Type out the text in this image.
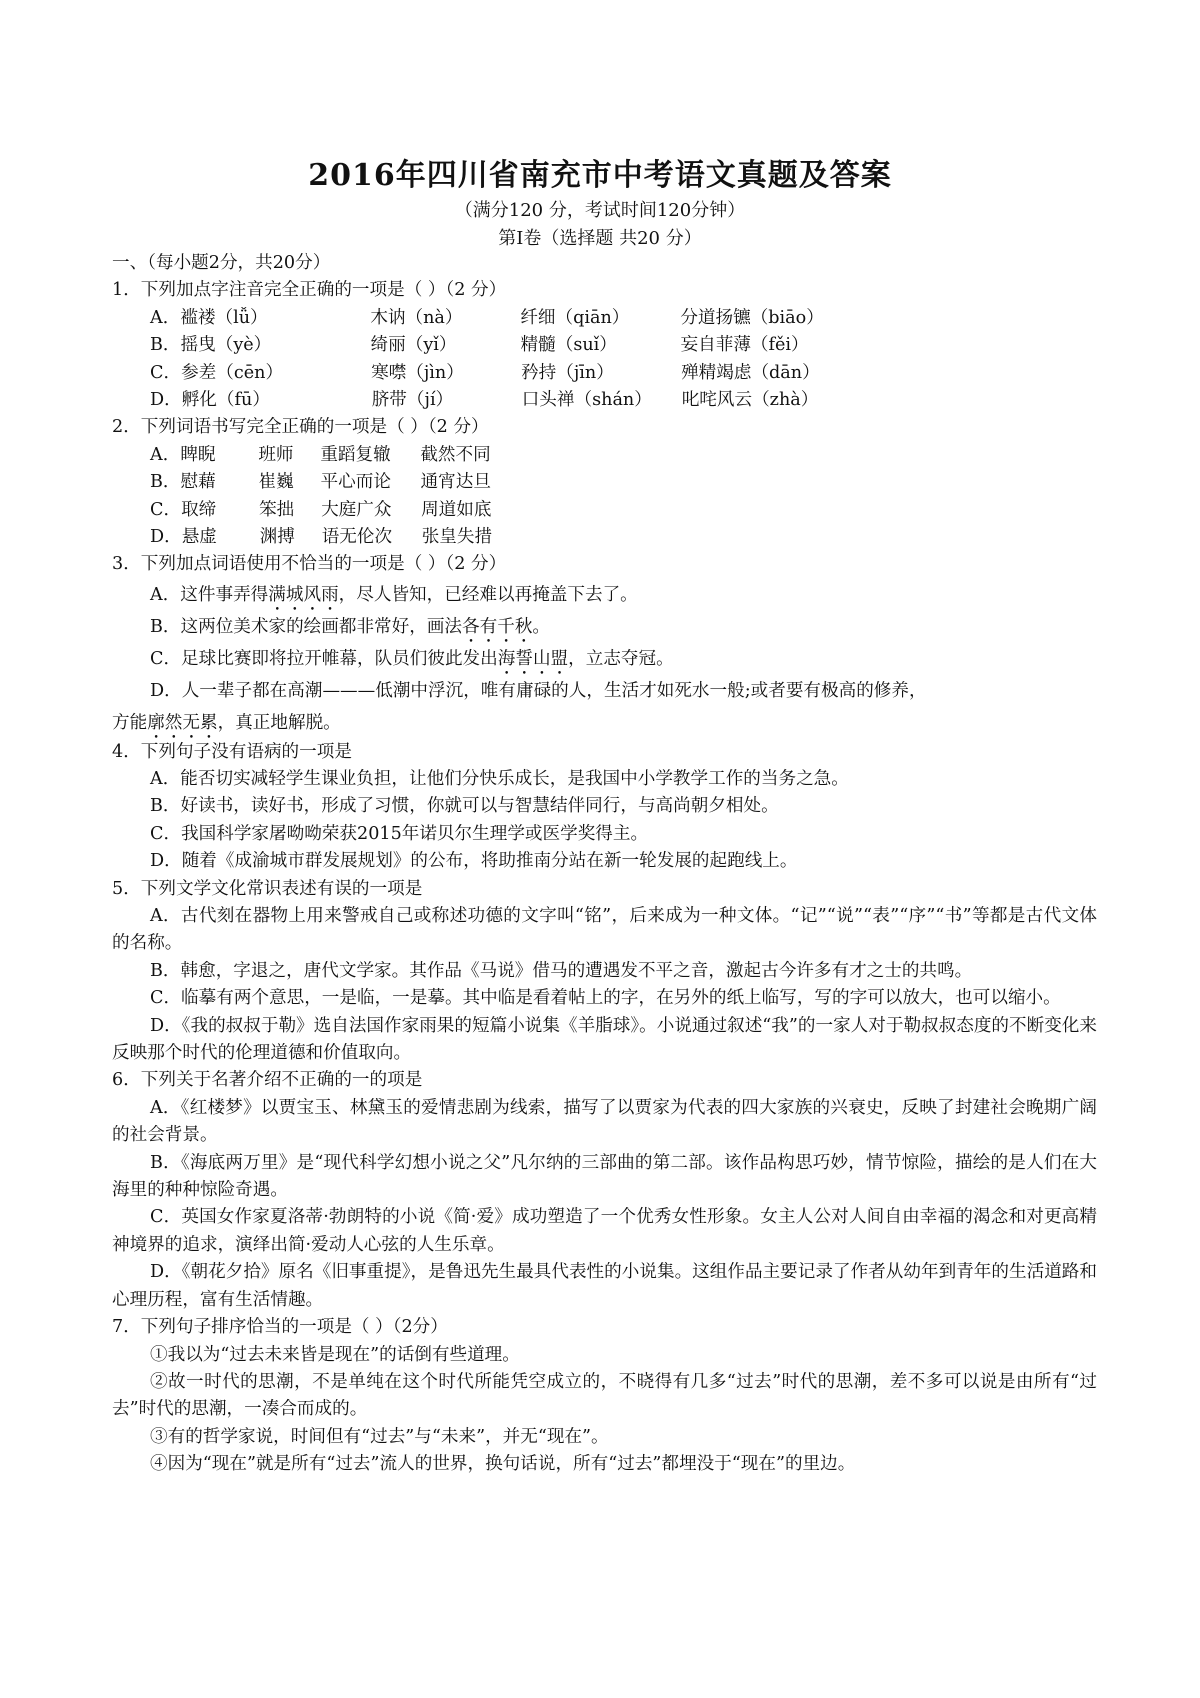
2016年四川省南充市中考语文真题及答案
（满分120 分，考试时间120分钟）
第Ⅰ卷（选择题 共20 分）
一、（每小题2分，共20分）
1．下列加点字注音完全正确的一项是（ ）（2 分）
A． 褴褛（lǚ）	木讷（nà）	纤细（qiān）	分道扬镳（biāo）
B． 摇曳（yè）	绮丽（yǐ）	精髓（suǐ）	妄自菲薄（fěi）
C． 参差（cēn）	寒噤（jìn）	矜持（jīn）	殚精竭虑（dān）
D． 孵化（fū）	脐带（jí）	口头禅（shán）	叱咤风云（zhà）
2．下列词语书写完全正确的一项是（ ）（2 分）
A． 睥睨	班师	重蹈复辙	截然不同
B． 慰藉	崔巍	平心而论	通宵达旦
C． 取缔	笨拙	大庭广众	周道如底
D． 悬虚	渊搏	语无伦次	张皇失措
3．下列加点词语使用不恰当的一项是（ ）（2 分）
A．这件事弄得满城风雨，尽人皆知，已经难以再掩盖下去了。
B．这两位美术家的绘画都非常好，画法各有千秋。
C．足球比赛即将拉开帷幕，队员们彼此发出海誓山盟，立志夺冠。
D．人一辈子都在高潮———低潮中浮沉，唯有庸碌的人，生活才如死水一般;或者要有极高的修养，
方能廓然无累，真正地解脱。
4．下列句子没有语病的一项是
A．能否切实减轻学生课业负担，让他们分快乐成长，是我国中小学教学工作的当务之急。
B．好读书，读好书，形成了习惯，你就可以与智慧结伴同行，与高尚朝夕相处。
C．我国科学家屠呦呦荣获2015年诺贝尔生理学或医学奖得主。
D．随着《成渝城市群发展规划》的公布，将助推南分站在新一轮发展的起跑线上。
5．下列文学文化常识表述有误的一项是
A．古代刻在器物上用来警戒自己或称述功德的文字叫“铭”，后来成为一种文体。“记”“说”“表”“序”“书”等都是古代文体的名称。
B．韩愈，字退之，唐代文学家。其作品《马说》借马的遭遇发不平之音，激起古今许多有才之士的共鸣。
C．临摹有两个意思，一是临，一是摹。其中临是看着帖上的字，在另外的纸上临写，写的字可以放大，也可以缩小。
D．《我的叔叔于勒》选自法国作家雨果的短篇小说集《羊脂球》。小说通过叙述“我”的一家人对于勒叔叔态度的不断变化来反映那个时代的伦理道德和价值取向。
6．下列关于名著介绍不正确的一的项是
A．《红楼梦》以贾宝玉、林黛玉的爱情悲剧为线索，描写了以贾家为代表的四大家族的兴衰史，反映了封建社会晚期广阔的社会背景。
B．《海底两万里》是“现代科学幻想小说之父”凡尔纳的三部曲的第二部。该作品构思巧妙，情节惊险，描绘的是人们在大海里的种种惊险奇遇。
C．英国女作家夏洛蒂·勃朗特的小说《简·爱》成功塑造了一个优秀女性形象。女主人公对人间自由幸福的渴念和对更高精神境界的追求，演绎出简·爱动人心弦的人生乐章。
D．《朝花夕拾》原名《旧事重提》，是鲁迅先生最具代表性的小说集。这组作品主要记录了作者从幼年到青年的生活道路和心理历程，富有生活情趣。
7．下列句子排序恰当的一项是（ ）（2分）
①我以为“过去未来皆是现在”的话倒有些道理。
②故一时代的思潮，不是单纯在这个时代所能凭空成立的，不晓得有几多“过去”时代的思潮，差不多可以说是由所有“过去”时代的思潮，一凑合而成的。
③有的哲学家说，时间但有“过去”与“未来”，并无“现在”。
④因为“现在”就是所有“过去”流人的世界，换句话说，所有“过去”都埋没于“现在”的里边。
